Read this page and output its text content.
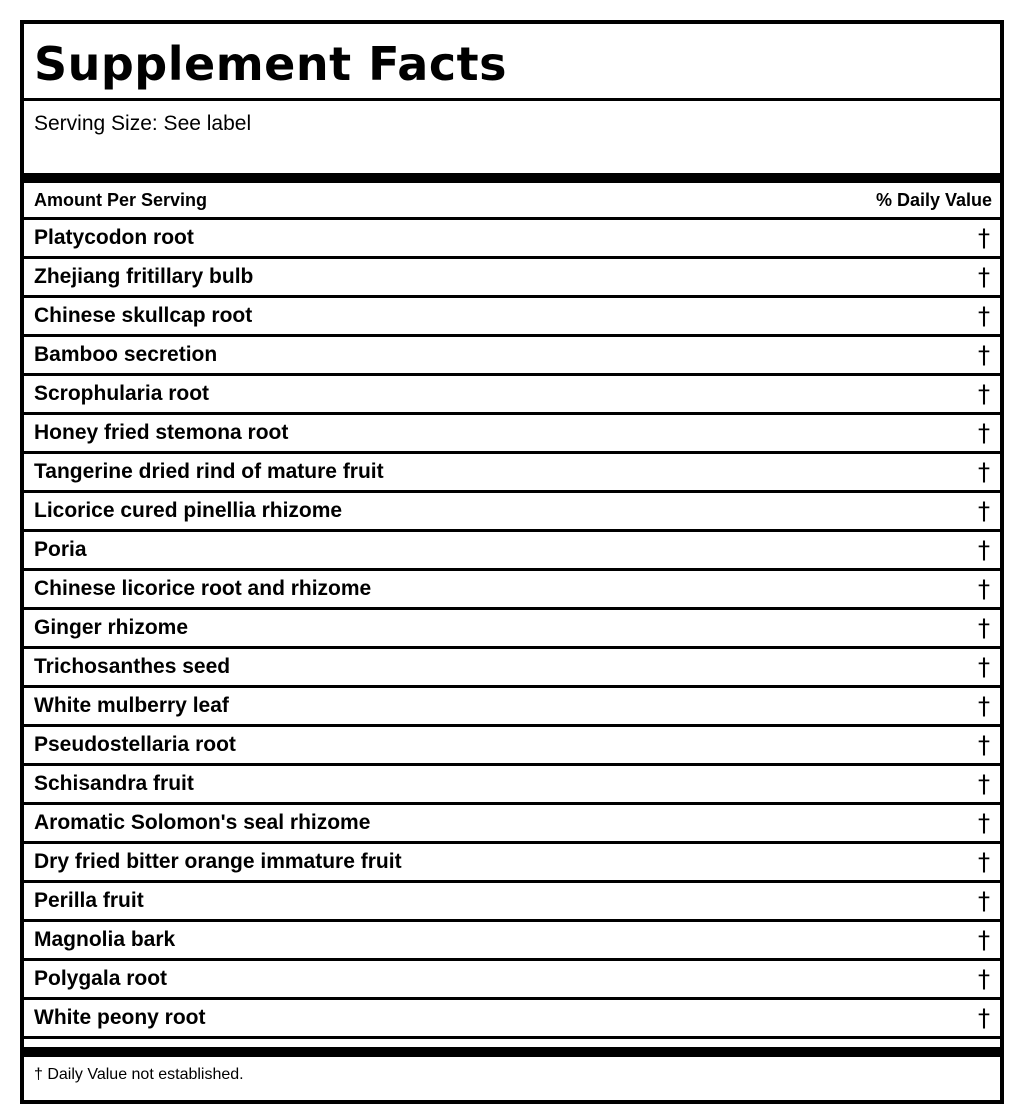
Supplement Facts
Serving Size: See label
Amount Per Serving	% Daily Value
Platycodon root	†
Zhejiang fritillary bulb	†
Chinese skullcap root	†
Bamboo secretion	†
Scrophularia root	†
Honey fried stemona root	†
Tangerine dried rind of mature fruit	†
Licorice cured pinellia rhizome	†
Poria	†
Chinese licorice root and rhizome	†
Ginger rhizome	†
Trichosanthes seed	†
White mulberry leaf	†
Pseudostellaria root	†
Schisandra fruit	†
Aromatic Solomon's seal rhizome	†
Dry fried bitter orange immature fruit	†
Perilla fruit	†
Magnolia bark	†
Polygala root	†
White peony root	†
† Daily Value not established.
